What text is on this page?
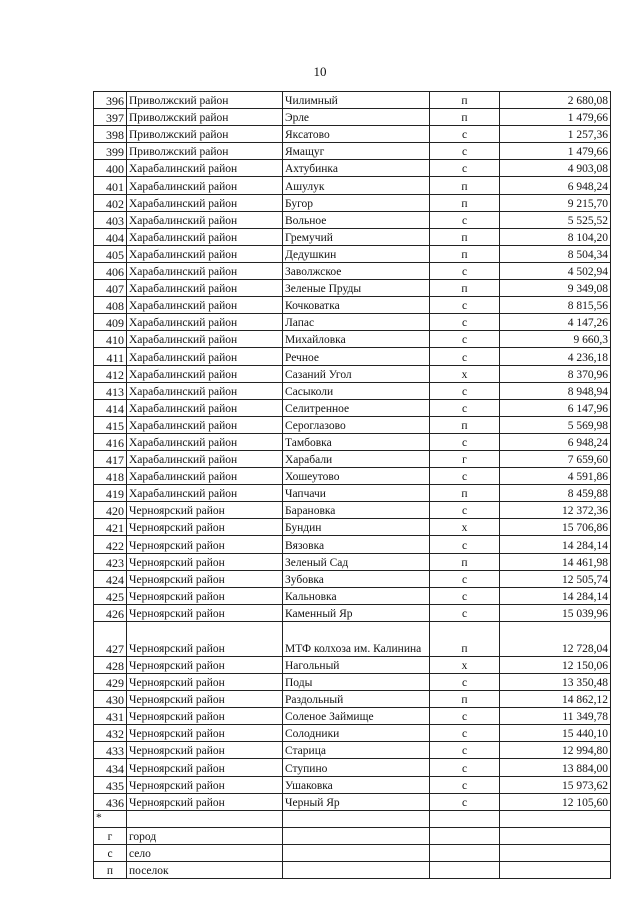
10
396	Приволжский район	Чилимный	п	2 680,08
397	Приволжский район	Эрле	п	1 479,66
398	Приволжский район	Яксатово	с	1 257,36
399	Приволжский район	Ямащуг	с	1 479,66
400	Харабалинский район	Ахтубинка	с	4 903,08
401	Харабалинский район	Ашулук	п	6 948,24
402	Харабалинский район	Бугор	п	9 215,70
403	Харабалинский район	Вольное	с	5 525,52
404	Харабалинский район	Гремучий	п	8 104,20
405	Харабалинский район	Дедушкин	п	8 504,34
406	Харабалинский район	Заволжское	с	4 502,94
407	Харабалинский район	Зеленые Пруды	п	9 349,08
408	Харабалинский район	Кочковатка	с	8 815,56
409	Харабалинский район	Лапас	с	4 147,26
410	Харабалинский район	Михайловка	с	9 660,3
411	Харабалинский район	Речное	с	4 236,18
412	Харабалинский район	Сазаний Угол	х	8 370,96
413	Харабалинский район	Сасыколи	с	8 948,94
414	Харабалинский район	Селитренное	с	6 147,96
415	Харабалинский район	Сероглазово	п	5 569,98
416	Харабалинский район	Тамбовка	с	6 948,24
417	Харабалинский район	Харабали	г	7 659,60
418	Харабалинский район	Хошеутово	с	4 591,86
419	Харабалинский район	Чапчачи	п	8 459,88
420	Черноярский район	Барановка	с	12 372,36
421	Черноярский район	Бундин	х	15 706,86
422	Черноярский район	Вязовка	с	14 284,14
423	Черноярский район	Зеленый Сад	п	14 461,98
424	Черноярский район	Зубовка	с	12 505,74
425	Черноярский район	Кальновка	с	14 284,14
426	Черноярский район	Каменный Яр	с	15 039,96
427	Черноярский район	МТФ колхоза им. Калинина	п	12 728,04
428	Черноярский район	Нагольный	х	12 150,06
429	Черноярский район	Поды	с	13 350,48
430	Черноярский район	Раздольный	п	14 862,12
431	Черноярский район	Соленое Займище	с	11 349,78
432	Черноярский район	Солодники	с	15 440,10
433	Черноярский район	Старица	с	12 994,80
434	Черноярский район	Ступино	с	13 884,00
435	Черноярский район	Ушаковка	с	15 973,62
436	Черноярский район	Черный Яр	с	12 105,60
*				
г	город			
с	село			
п	поселок			
